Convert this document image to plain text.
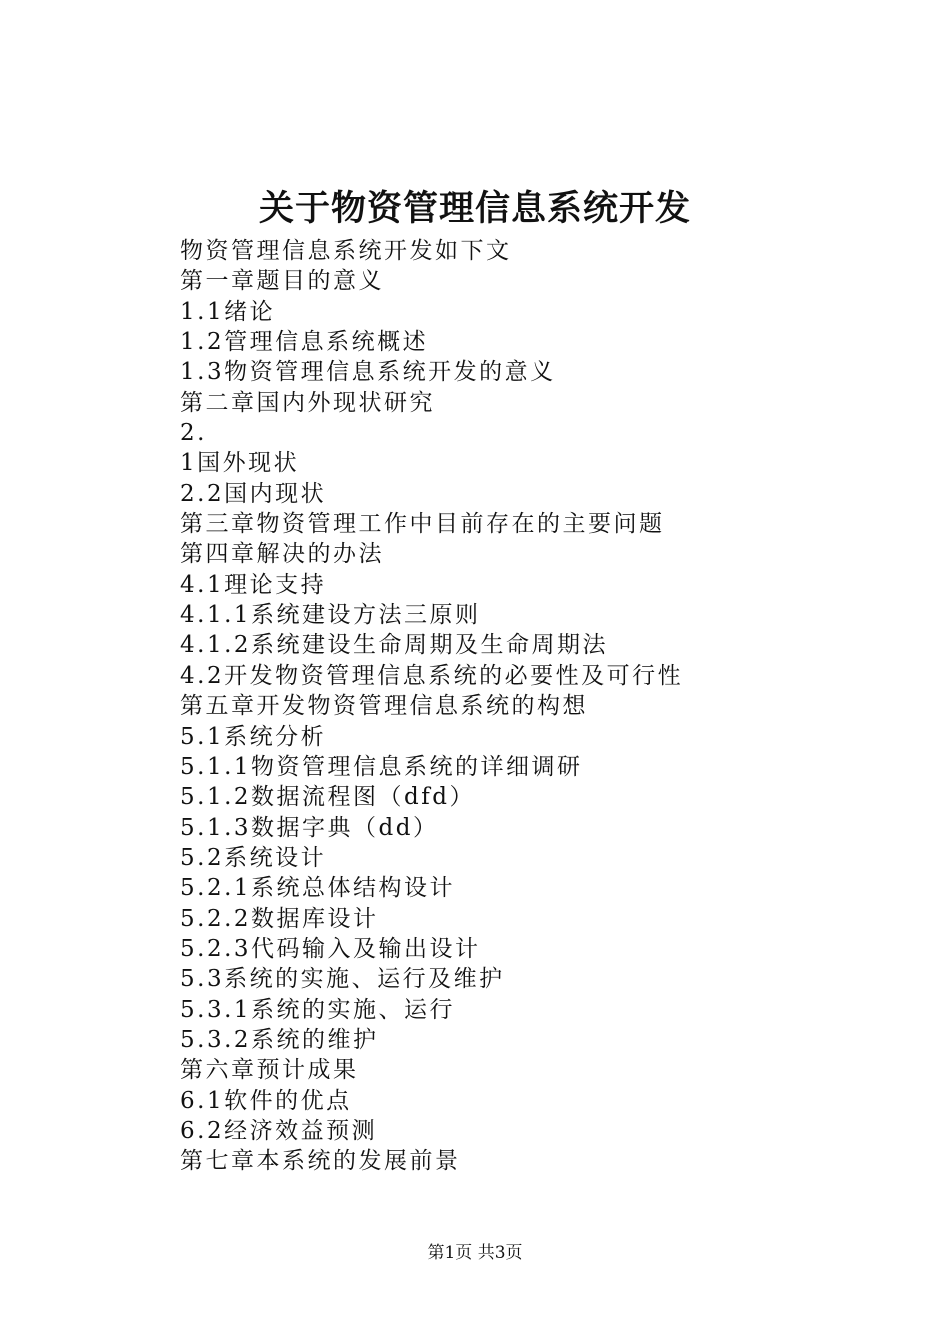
关于物资管理信息系统开发
物资管理信息系统开发如下文
第一章题目的意义
1.1绪论
1.2管理信息系统概述
1.3物资管理信息系统开发的意义
第二章国内外现状研究
2.
1国外现状
2.2国内现状
第三章物资管理工作中目前存在的主要问题
第四章解决的办法
4.1理论支持
4.1.1系统建设方法三原则
4.1.2系统建设生命周期及生命周期法
4.2开发物资管理信息系统的必要性及可行性
第五章开发物资管理信息系统的构想
5.1系统分析
5.1.1物资管理信息系统的详细调研
5.1.2数据流程图（dfd）
5.1.3数据字典（dd）
5.2系统设计
5.2.1系统总体结构设计
5.2.2数据库设计
5.2.3代码输入及输出设计
5.3系统的实施、运行及维护
5.3.1系统的实施、运行
5.3.2系统的维护
第六章预计成果
6.1软件的优点
6.2经济效益预测
第七章本系统的发展前景
第1页 共3页
